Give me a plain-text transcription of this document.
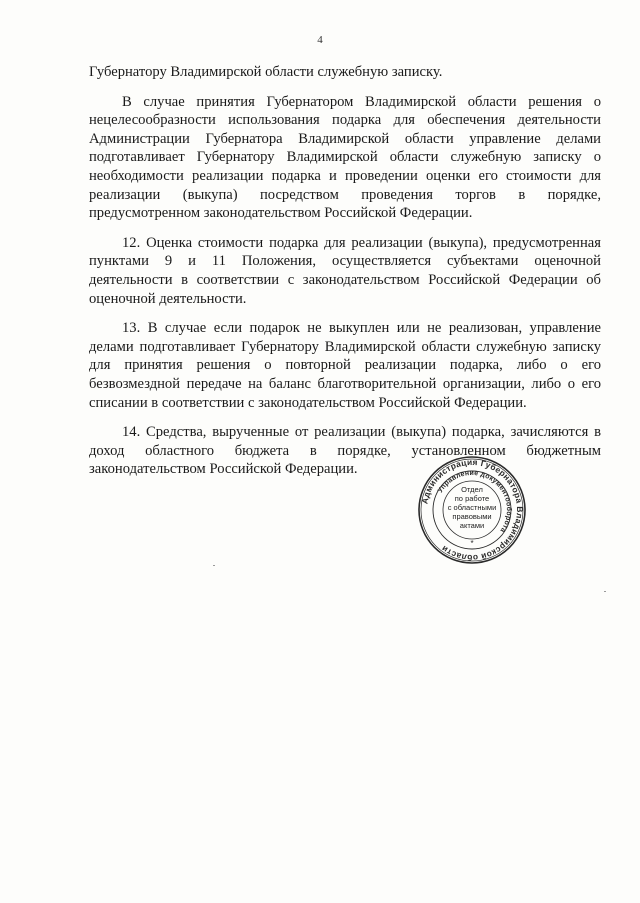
4

Губернатору Владимирской области служебную записку.

В случае принятия Губернатором Владимирской области решения о нецелесообразности использования подарка для обеспечения деятельности Администрации Губернатора Владимирской области управление делами подготавливает Губернатору Владимирской области служебную записку о необходимости реализации подарка и проведении оценки его стоимости для реализации (выкупа) посредством проведения торгов в порядке, предусмотренном законодательством Российской Федерации.

12. Оценка стоимости подарка для реализации (выкупа), предусмотренная пунктами 9 и 11 Положения, осуществляется субъектами оценочной деятельности в соответствии с законодательством Российской Федерации об оценочной деятельности.

13. В случае если подарок не выкуплен или не реализован, управление делами подготавливает Губернатору Владимирской области служебную записку для принятия решения о повторной реализации подарка, либо о его безвозмездной передаче на баланс благотворительной организации, либо о его списании в соответствии с законодательством Российской Федерации.

14. Средства, вырученные от реализации (выкупа) подарка, зачисляются в доход областного бюджета в порядке, установленном бюджетным законодательством Российской Федерации.

Администрация Губернатора Владимирской области
Управление документооборота
*
Отдел
по работе
с областными
правовыми
актами
